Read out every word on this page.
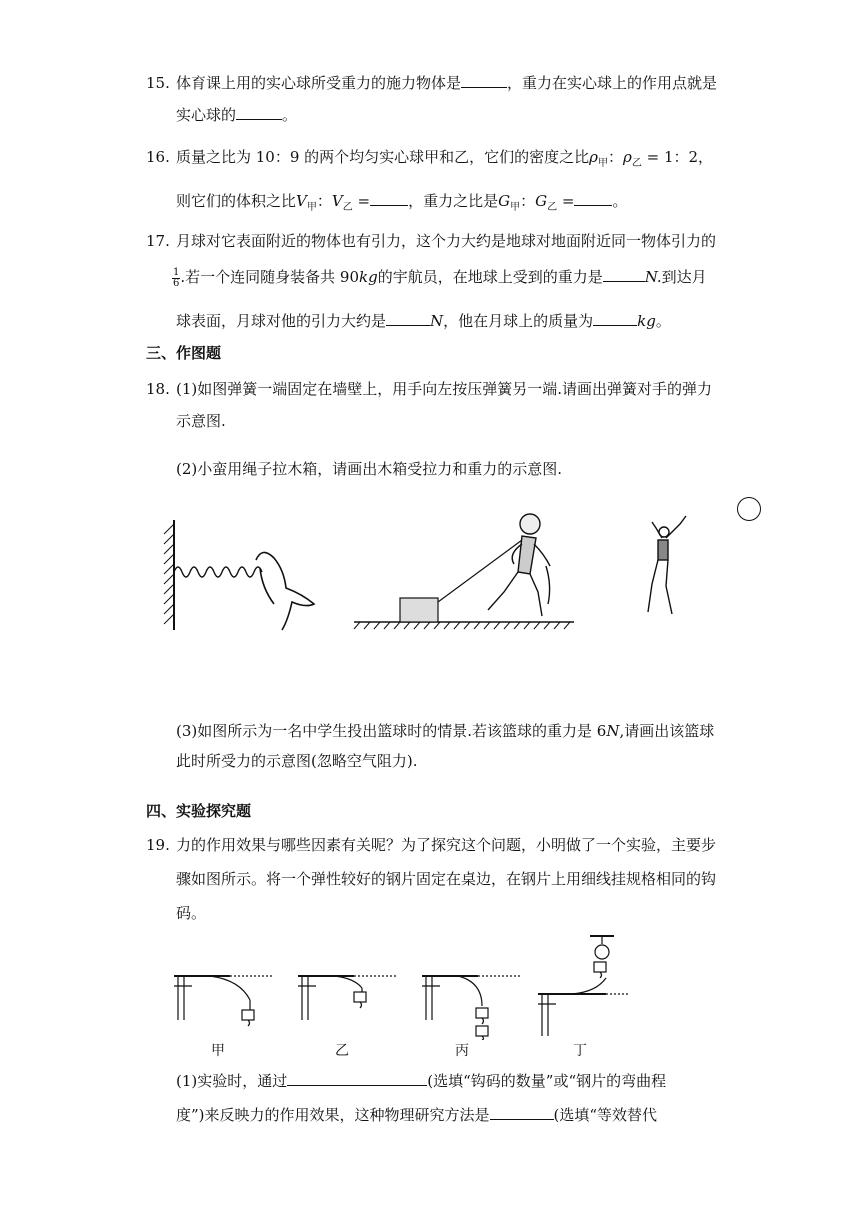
15. 体育课上用的实心球所受重力的施力物体是	，重力在实心球上的作用点就是
实心球的	。
16. 质量之比为 10：9 的两个均匀实心球甲和乙，它们的密度之比$\rho_甲$：$\rho_乙 = 1$：2，
则它们的体积之比$V_甲$：$V_乙$ =	，重力之比是$G_甲$：$G_乙$ =	。
17. 月球对它表面附近的物体也有引力，这个力大约是地球对地面附近同一物体引力的
$\frac{1}{6}$ .若一个连同随身装备共 90kg的宇航员，在地球上受到的重力是	N.到达月
球表面，月球对他的引力大约是	N，他在月球上的质量为	kg。
三、作图题
18. (1)如图弹簧一端固定在墙壁上，用手向左按压弹簧另一端.请画出弹簧对手的弹力
示意图.
(2)小蛮用绳子拉木箱，请画出木箱受拉力和重力的示意图.
(3)如图所示为一名中学生投出篮球时的情景.若该篮球的重力是 6N,请画出该篮球
此时所受力的示意图(忽略空气阻力).
四、实验探究题
19. 力的作用效果与哪些因素有关呢？为了探究这个问题，小明做了一个实验，主要步
骤如图所示。将一个弹性较好的钢片固定在桌边，在钢片上用细线挂规格相同的钩
码。
甲	乙	丙	丁
(1)实验时，通过	(选填“钩码的数量”或“钢片的弯曲程
度”)来反映力的作用效果，这种物理研究方法是	(选填“等效替代
